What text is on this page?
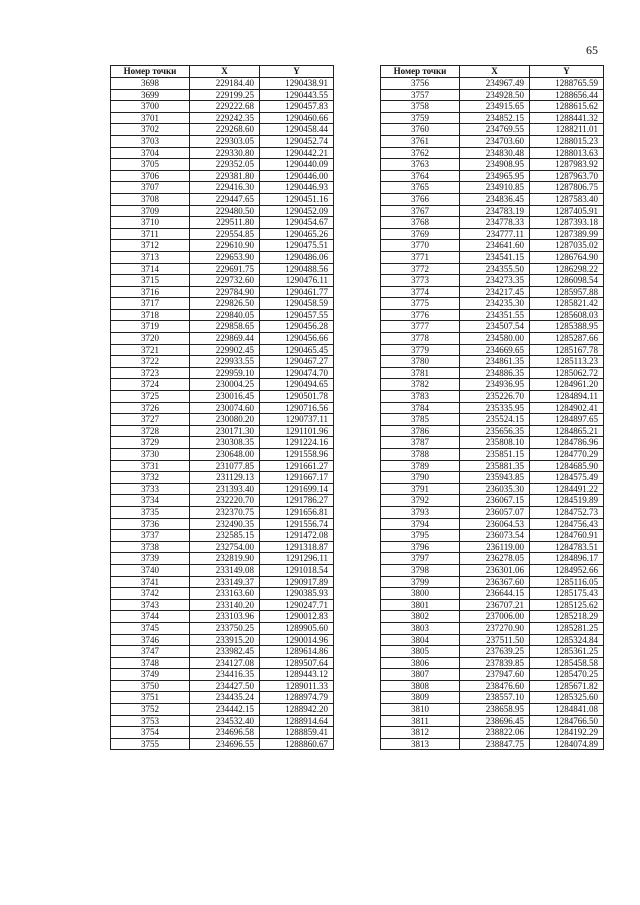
65
Номер точки	X	Y
3698	229184.40	1290438.91
3699	229199.25	1290443.55
3700	229222.68	1290457.83
3701	229242.35	1290460.66
3702	229268.60	1290458.44
3703	229303.05	1290452.74
3704	229330.80	1290442.21
3705	229352.05	1290440.09
3706	229381.80	1290446.00
3707	229416.30	1290446.93
3708	229447.65	1290451.16
3709	229480.50	1290452.09
3710	229511.80	1290454.67
3711	229554.85	1290465.26
3712	229610.90	1290475.51
3713	229653.90	1290486.06
3714	229691.75	1290488.56
3715	229732.60	1290476.11
3716	229784.90	1290461.77
3717	229826.50	1290458.59
3718	229840.05	1290457.55
3719	229858.65	1290456.28
3720	229869.44	1290456.66
3721	229902.45	1290465.45
3722	229933.55	1290467.27
3723	229959.10	1290474.70
3724	230004.25	1290494.65
3725	230016.45	1290501.78
3726	230074.60	1290716.56
3727	230080.20	1290737.11
3728	230171.30	1291101.96
3729	230308.35	1291224.16
3730	230648.00	1291558.96
3731	231077.85	1291661.27
3732	231129.13	1291667.17
3733	231393.40	1291699.14
3734	232220.70	1291786.27
3735	232370.75	1291656.81
3736	232490.35	1291556.74
3737	232585.15	1291472.08
3738	232754.00	1291318.87
3739	232819.90	1291296.11
3740	233149.08	1291018.54
3741	233149.37	1290917.89
3742	233163.60	1290385.93
3743	233140.20	1290247.71
3744	233103.96	1290012.83
3745	233750.25	1289905.60
3746	233915.20	1290014.96
3747	233982.45	1289614.86
3748	234127.08	1289507.64
3749	234416.35	1289443.12
3750	234427.50	1289011.33
3751	234435.24	1288974.79
3752	234442.15	1288942.20
3753	234532.40	1288914.64
3754	234696.58	1288859.41
3755	234696.55	1288860.67
Номер точки	X	Y
3756	234967.49	1288765.59
3757	234928.50	1288656.44
3758	234915.65	1288615.62
3759	234852.15	1288441.32
3760	234769.55	1288211.01
3761	234703.60	1288015.23
3762	234830.48	1288013.63
3763	234908.95	1287983.92
3764	234965.95	1287963.70
3765	234910.85	1287806.75
3766	234836.45	1287583.40
3767	234783.19	1287405.91
3768	234778.33	1287393.18
3769	234777.11	1287389.99
3770	234641.60	1287035.02
3771	234541.15	1286764.90
3772	234355.50	1286298.22
3773	234273.35	1286098.54
3774	234217.45	1285957.88
3775	234235.30	1285821.42
3776	234351.55	1285608.03
3777	234507.54	1285388.95
3778	234580.00	1285287.66
3779	234669.65	1285167.78
3780	234861.35	1285113.23
3781	234886.35	1285062.72
3782	234936.95	1284961.20
3783	235226.70	1284894.11
3784	235335.95	1284902.41
3785	235524.15	1284897.65
3786	235656.35	1284865.21
3787	235808.10	1284786.96
3788	235851.15	1284770.29
3789	235881.35	1284685.90
3790	235943.85	1284575.49
3791	236035.30	1284491.22
3792	236067.15	1284519.89
3793	236057.07	1284752.73
3794	236064.53	1284756.43
3795	236073.54	1284760.91
3796	236119.00	1284783.51
3797	236278.05	1284896.17
3798	236301.06	1284952.66
3799	236367.60	1285116.05
3800	236644.15	1285175.43
3801	236707.21	1285125.62
3802	237006.00	1285218.29
3803	237270.90	1285281.25
3804	237511.50	1285324.84
3805	237639.25	1285361.25
3806	237839.85	1285458.58
3807	237947.60	1285470.25
3808	238476.60	1285671.82
3809	238557.10	1285325.60
3810	238658.95	1284841.08
3811	238696.45	1284766.50
3812	238822.06	1284192.29
3813	238847.75	1284074.89
